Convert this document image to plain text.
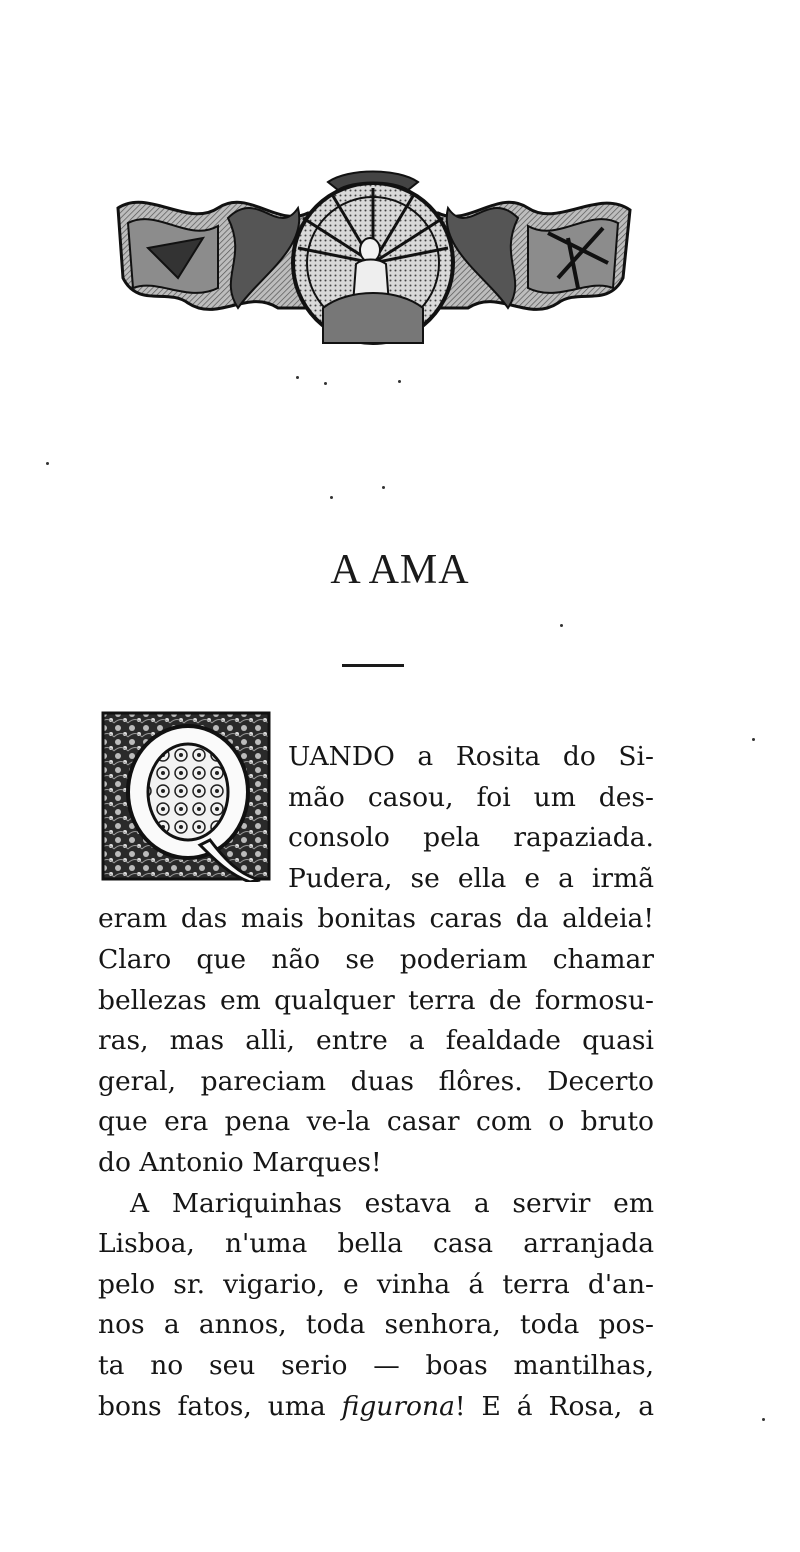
A AMA
UANDO a Rosita do Si-
mão casou, foi um des-
consolo pela rapaziada.
Pudera, se ella e a irmã
eram das mais bonitas caras da aldeia!
Claro que não se poderiam chamar
bellezas em qualquer terra de formosu-
ras, mas alli, entre a fealdade quasi
geral, pareciam duas flôres. Decerto
que era pena ve-la casar com o bruto
do Antonio Marques!
A Mariquinhas estava a servir em
Lisboa, n'uma bella casa arranjada
pelo sr. vigario, e vinha á terra d'an-
nos a annos, toda senhora, toda pos-
ta no seu serio — boas mantilhas,
bons fatos, uma figurona! E á Rosa, a
